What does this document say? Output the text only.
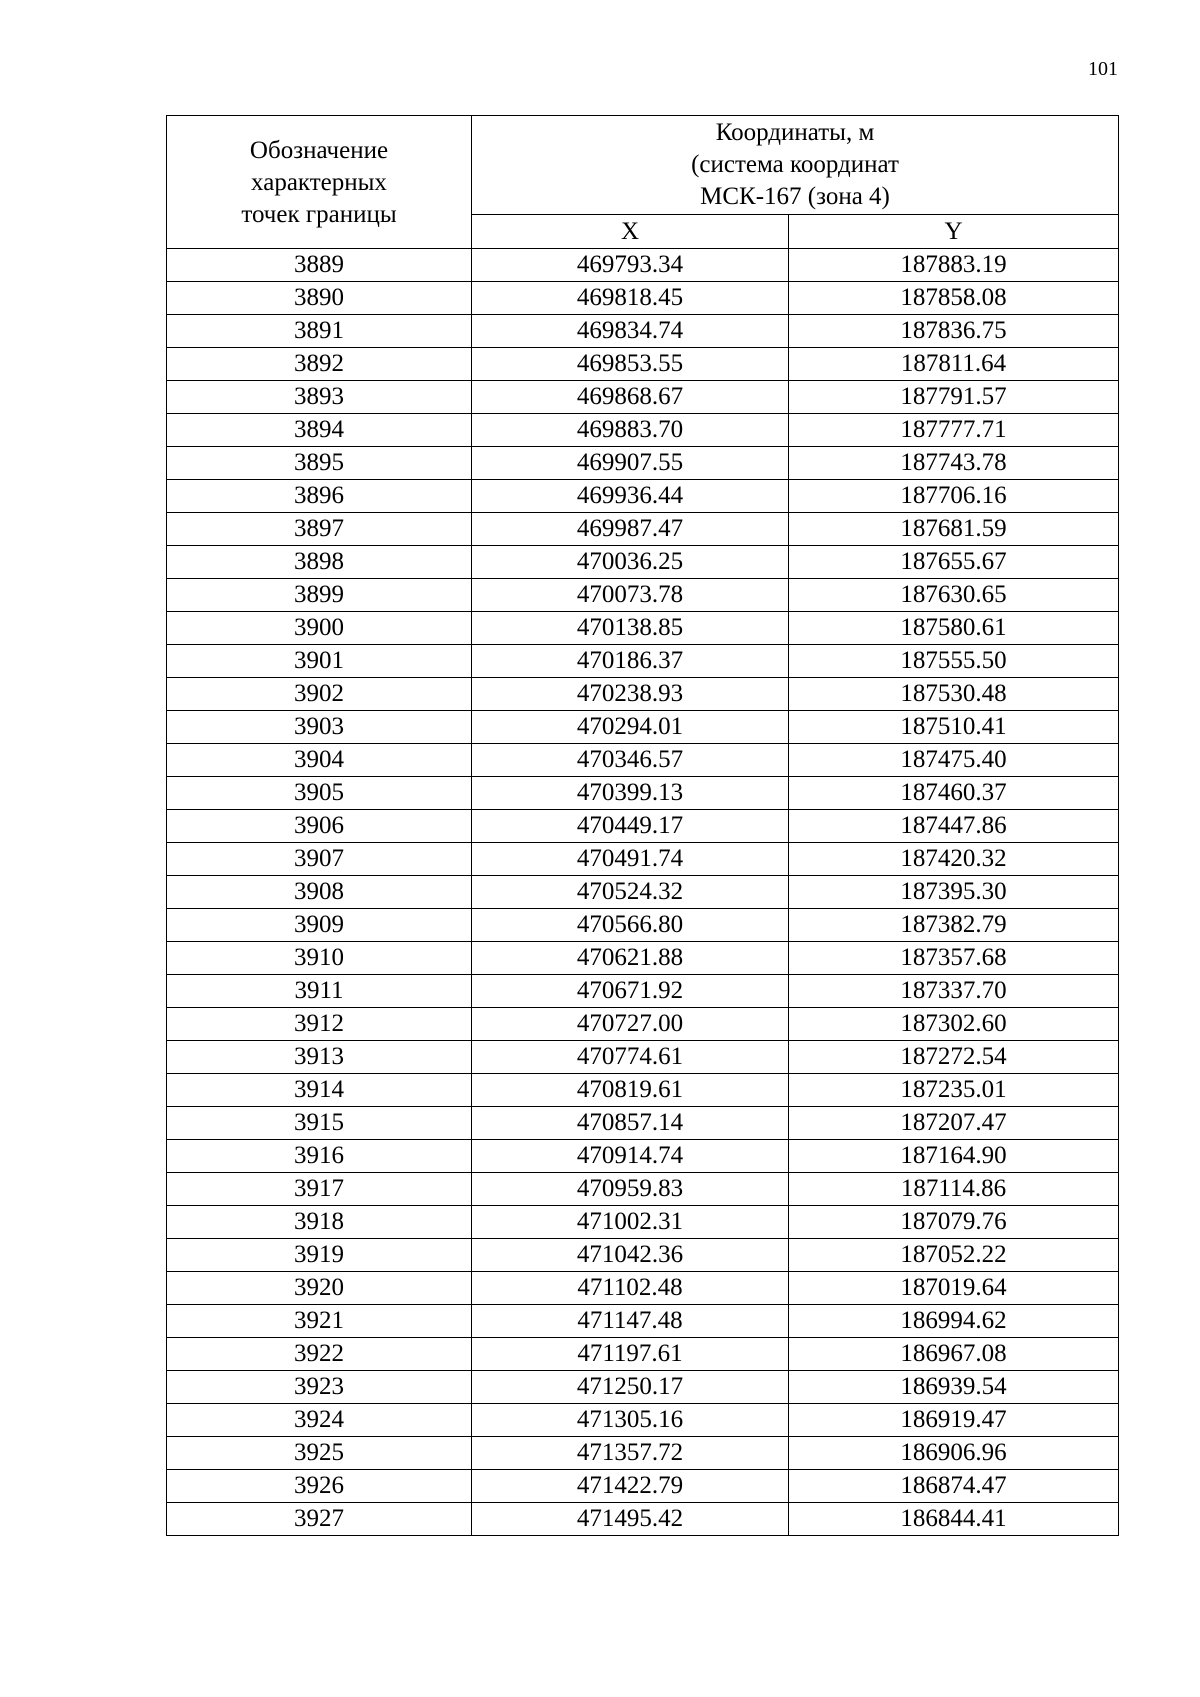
101
Обозначение
характерных
точек границы	Координаты, м
(система координат
МСК-167 (зона 4)	

	X	Y
3889	469793.34	187883.19
3890	469818.45	187858.08
3891	469834.74	187836.75
3892	469853.55	187811.64
3893	469868.67	187791.57
3894	469883.70	187777.71
3895	469907.55	187743.78
3896	469936.44	187706.16
3897	469987.47	187681.59
3898	470036.25	187655.67
3899	470073.78	187630.65
3900	470138.85	187580.61
3901	470186.37	187555.50
3902	470238.93	187530.48
3903	470294.01	187510.41
3904	470346.57	187475.40
3905	470399.13	187460.37
3906	470449.17	187447.86
3907	470491.74	187420.32
3908	470524.32	187395.30
3909	470566.80	187382.79
3910	470621.88	187357.68
3911	470671.92	187337.70
3912	470727.00	187302.60
3913	470774.61	187272.54
3914	470819.61	187235.01
3915	470857.14	187207.47
3916	470914.74	187164.90
3917	470959.83	187114.86
3918	471002.31	187079.76
3919	471042.36	187052.22
3920	471102.48	187019.64
3921	471147.48	186994.62
3922	471197.61	186967.08
3923	471250.17	186939.54
3924	471305.16	186919.47
3925	471357.72	186906.96
3926	471422.79	186874.47
3927	471495.42	186844.41
